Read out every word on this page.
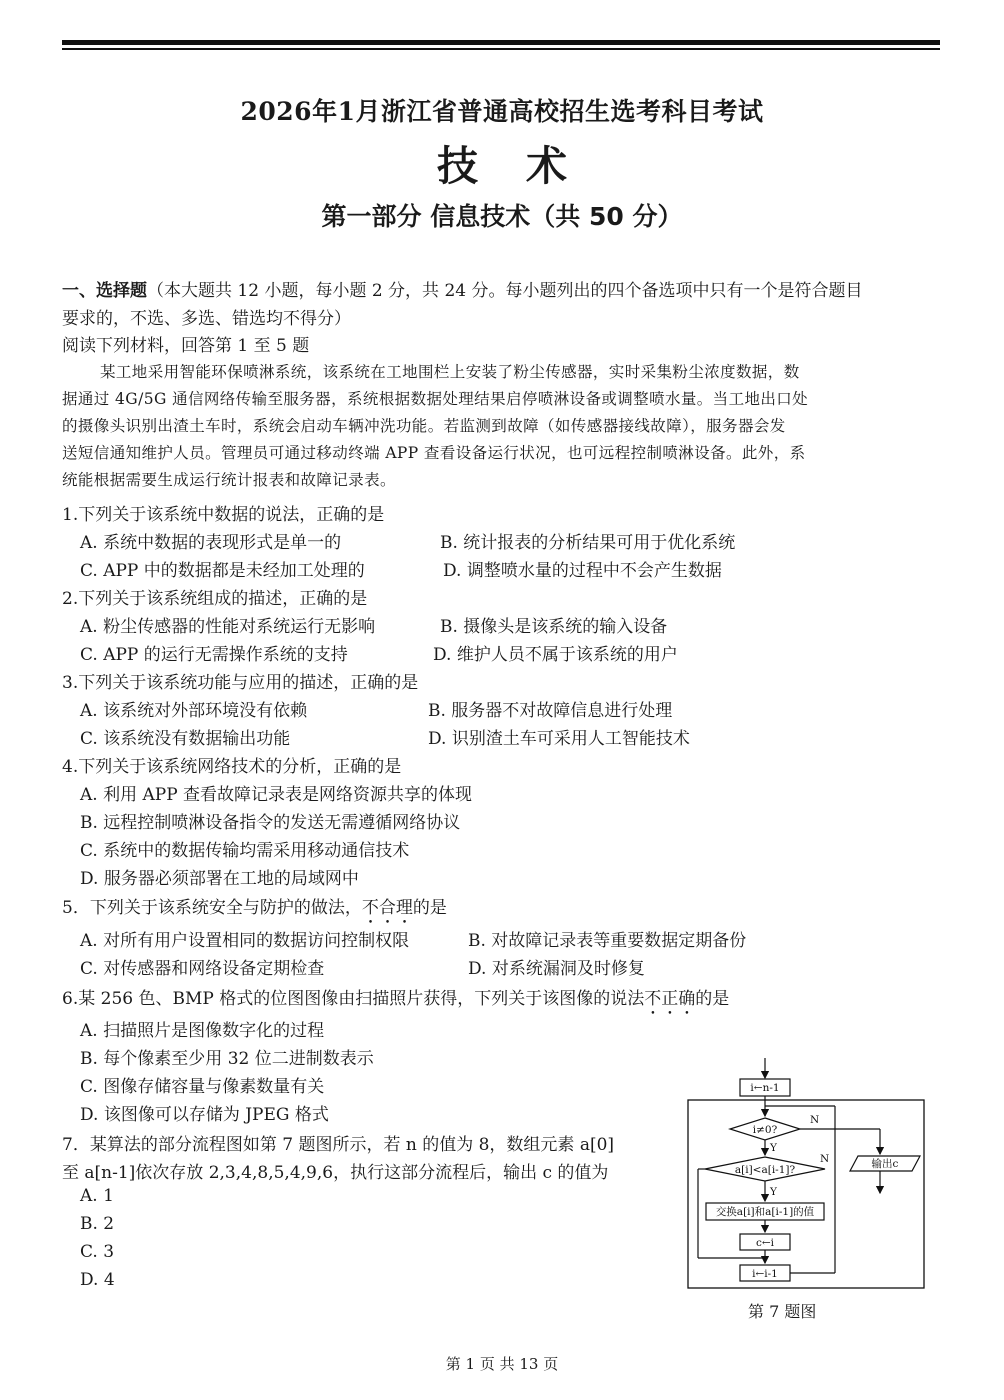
2026年1月浙江省普通高校招生选考科目考试
技术
第一部分 信息技术（共 50 分）
一、选择题（本大题共 12 小题，每小题 2 分，共 24 分。每小题列出的四个备选项中只有一个是符合题目
要求的，不选、多选、错选均不得分）
阅读下列材料，回答第 1 至 5 题
某工地采用智能环保喷淋系统，该系统在工地围栏上安装了粉尘传感器，实时采集粉尘浓度数据，数
据通过 4G/5G 通信网络传输至服务器，系统根据数据处理结果启停喷淋设备或调整喷水量。当工地出口处
的摄像头识别出渣土车时，系统会启动车辆冲洗功能。若监测到故障（如传感器接线故障），服务器会发
送短信通知维护人员。管理员可通过移动终端 APP 查看设备运行状况，也可远程控制喷淋设备。此外，系
统能根据需要生成运行统计报表和故障记录表。
1.下列关于该系统中数据的说法，正确的是
A. 系统中数据的表现形式是单一的	B. 统计报表的分析结果可用于优化系统
C. APP 中的数据都是未经加工处理的	D. 调整喷水量的过程中不会产生数据
2.下列关于该系统组成的描述，正确的是
A. 粉尘传感器的性能对系统运行无影响	B. 摄像头是该系统的输入设备
C. APP 的运行无需操作系统的支持	D. 维护人员不属于该系统的用户
3.下列关于该系统功能与应用的描述，正确的是
A. 该系统对外部环境没有依赖	B. 服务器不对故障信息进行处理
C. 该系统没有数据输出功能	D. 识别渣土车可采用人工智能技术
4.下列关于该系统网络技术的分析，正确的是
A. 利用 APP 查看故障记录表是网络资源共享的体现
B. 远程控制喷淋设备指令的发送无需遵循网络协议
C. 系统中的数据传输均需采用移动通信技术
D. 服务器必须部署在工地的局域网中
5．下列关于该系统安全与防护的做法，不合理的是
A. 对所有用户设置相同的数据访问控制权限	B. 对故障记录表等重要数据定期备份
C. 对传感器和网络设备定期检查	D. 对系统漏洞及时修复
6.某 256 色、BMP 格式的位图图像由扫描照片获得，下列关于该图像的说法不正确的是
A. 扫描照片是图像数字化的过程
B. 每个像素至少用 32 位二进制数表示
C. 图像存储容量与像素数量有关
D. 该图像可以存储为 JPEG 格式
7．某算法的部分流程图如第 7 题图所示，若 n 的值为 8，数组元素 a[0]
至 a[n-1]依次存放 2,3,4,8,5,4,9,6，执行这部分流程后，输出 c 的值为
A. 1
B. 2
C. 3
D. 4
i←n-1
i≠0?
N
输出c
Y
a[i]<a[i-1]?
N
Y
交换a[i]和a[i-1]的值
c←i
i←i-1
第 7 题图
第 1 页 共 13 页
